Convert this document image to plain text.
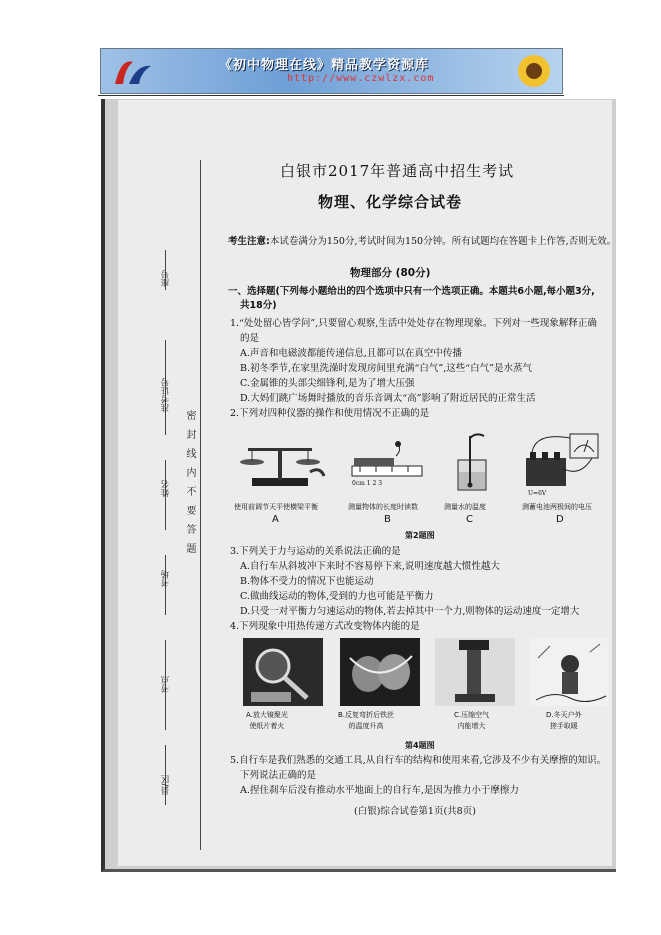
《初中物理在线》精品教学资源库
http://www.czwlzx.com
座号
准考证号
姓名
考场
考点
县/区
密封线内不要答题
白银市2017年普通高中招生考试
物理、化学综合试卷
考生注意:本试卷满分为150分,考试时间为150分钟。所有试题均在答题卡上作答,否则无效。
物理部分 (80分)
一、选择题(下列每小题给出的四个选项中只有一个选项正确。本题共6小题,每小题3分,
共18分)
1.“处处留心皆学问”,只要留心观察,生活中处处存在物理现象。下列对一些现象解释正确
的是
A.声音和电磁波都能传递信息,且都可以在真空中传播
B.初冬季节,在家里洗澡时发现房间里充满“白气”,这些“白气”是水蒸气
C.金属锥的头部尖细锋利,是为了增大压强
D.大妈们跳广场舞时播放的音乐音调太“高”影响了附近居民的正常生活
2.下列对四种仪器的操作和使用情况不正确的是
0cm 1 2 3
U=6V
使用前调节天平使横梁平衡	测量物体的长度时读数	测量水的温度	测蓄电池两极间的电压
A	B	C	D
第2题图
3.下列关于力与运动的关系说法正确的是
A.自行车从斜坡冲下来时不容易停下来,说明速度越大惯性越大
B.物体不受力的情况下也能运动
C.做曲线运动的物体,受到的力也可能是平衡力
D.只受一对平衡力匀速运动的物体,若去掉其中一个力,则物体的运动速度一定增大
4.下列现象中用热传递方式改变物体内能的是
A.放大镜聚光
使纸片着火
B.反复弯折后铁丝
的温度升高
C.压缩空气
内能增大
D.冬天户外
搓手取暖
第4题图
5.自行车是我们熟悉的交通工具,从自行车的结构和使用来看,它涉及不少有关摩擦的知识。
下列说法正确的是
A.捏住刹车后没有推动水平地面上的自行车,是因为推力小于摩擦力
(白银)综合试卷第1页(共8页)
